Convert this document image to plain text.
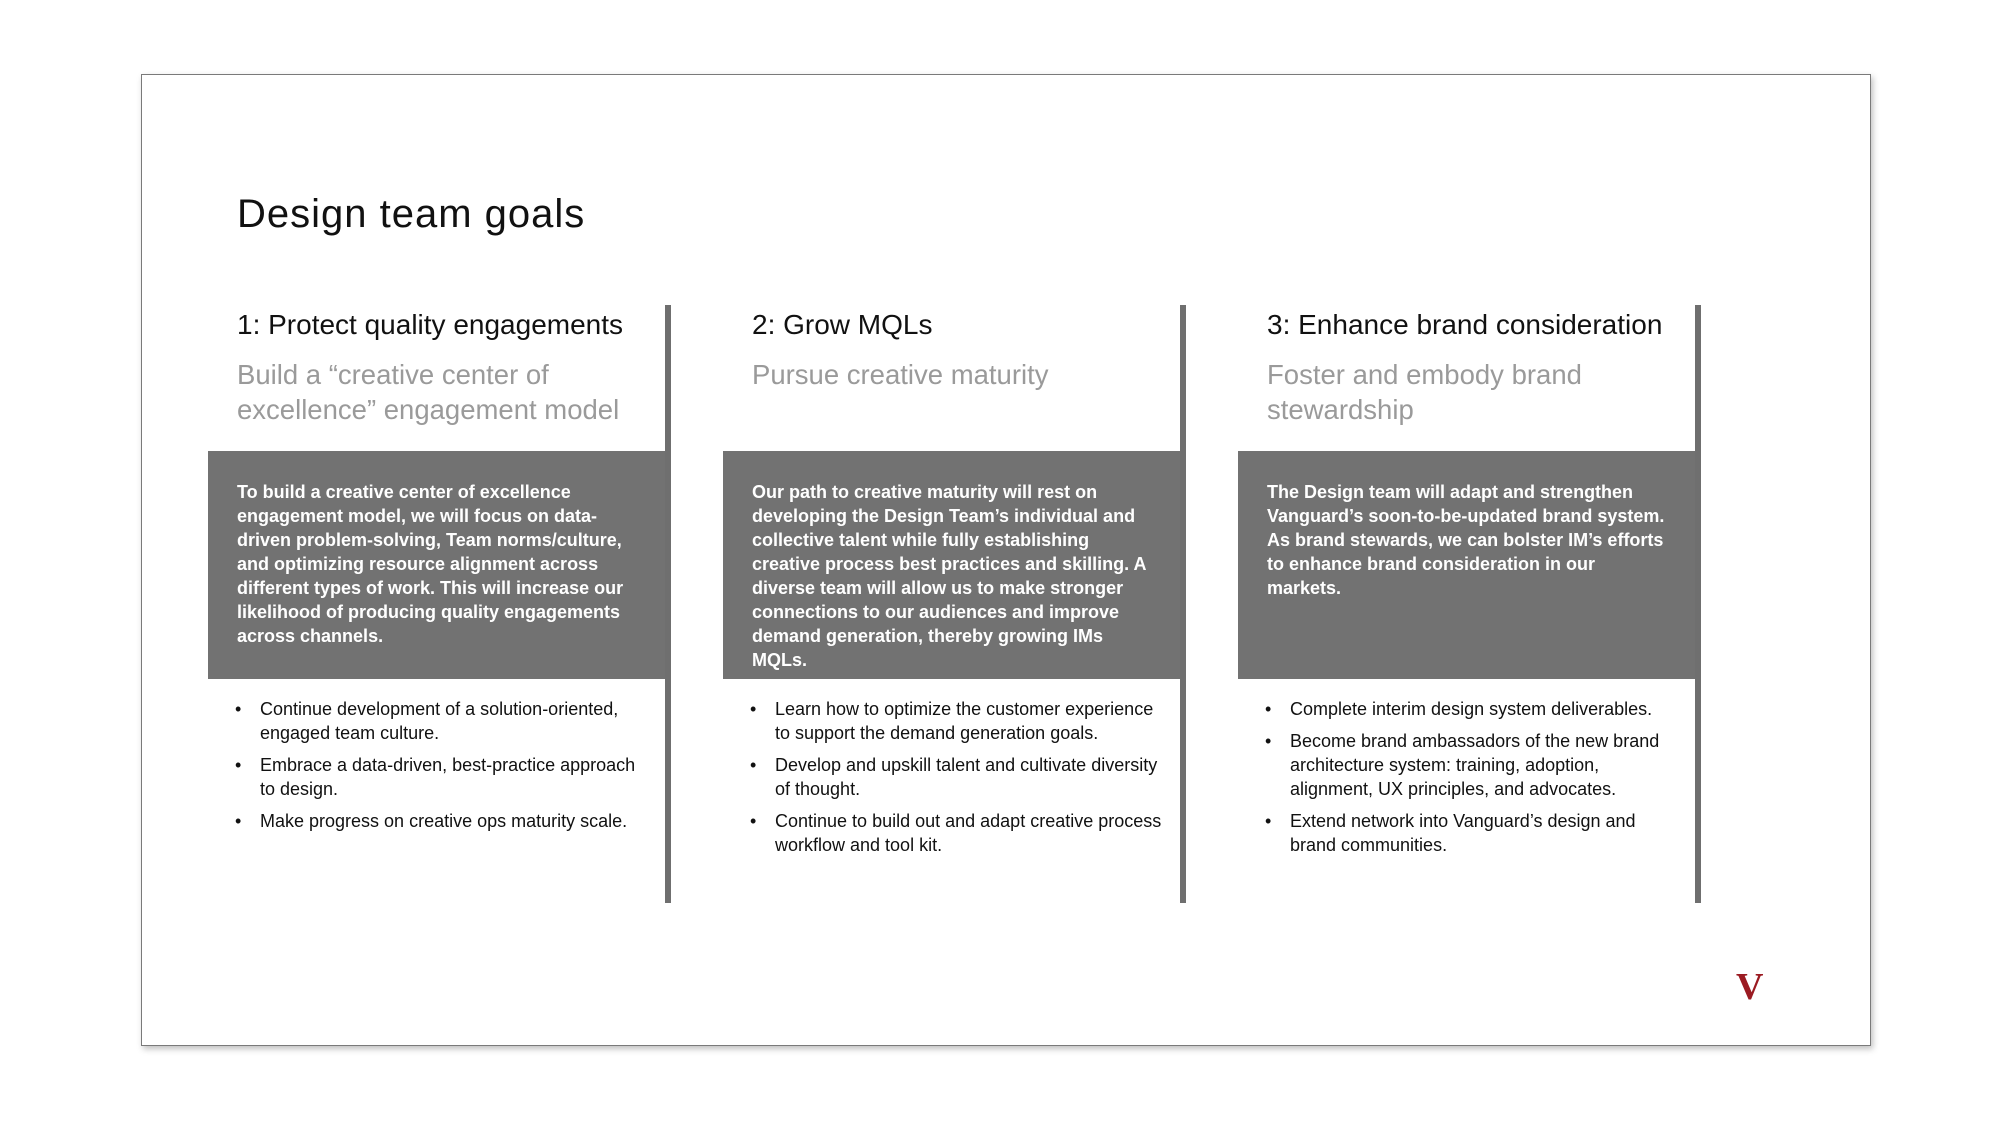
Design team goals
1: Protect quality engagements

Build a “creative center of excellence” engagement model

To build a creative center of excellence engagement model, we will focus on data-driven problem-solving, Team norms/culture, and optimizing resource alignment across different types of work. This will increase our likelihood of producing quality engagements across channels.

•	Continue development of a solution-oriented, engaged team culture.
•	Embrace a data-driven, best-practice approach to design.
•	Make progress on creative ops maturity scale.
2: Grow MQLs

Pursue creative maturity

Our path to creative maturity will rest on developing the Design Team’s individual and collective talent while fully establishing creative process best practices and skilling. A diverse team will allow us to make stronger connections to our audiences and improve demand generation, thereby growing IMs MQLs.

•	Learn how to optimize the customer experience to support the demand generation goals.
•	Develop and upskill talent and cultivate diversity of thought.
•	Continue to build out and adapt creative process workflow and tool kit.
3: Enhance brand consideration

Foster and embody brand stewardship

The Design team will adapt and strengthen Vanguard’s soon-to-be-updated brand system. As brand stewards, we can bolster IM’s efforts to enhance brand consideration in our markets.

•	Complete interim design system deliverables.
•	Become brand ambassadors of the new brand architecture system: training, adoption, alignment, UX principles, and advocates.
•	Extend network into Vanguard’s design and brand communities.
V
